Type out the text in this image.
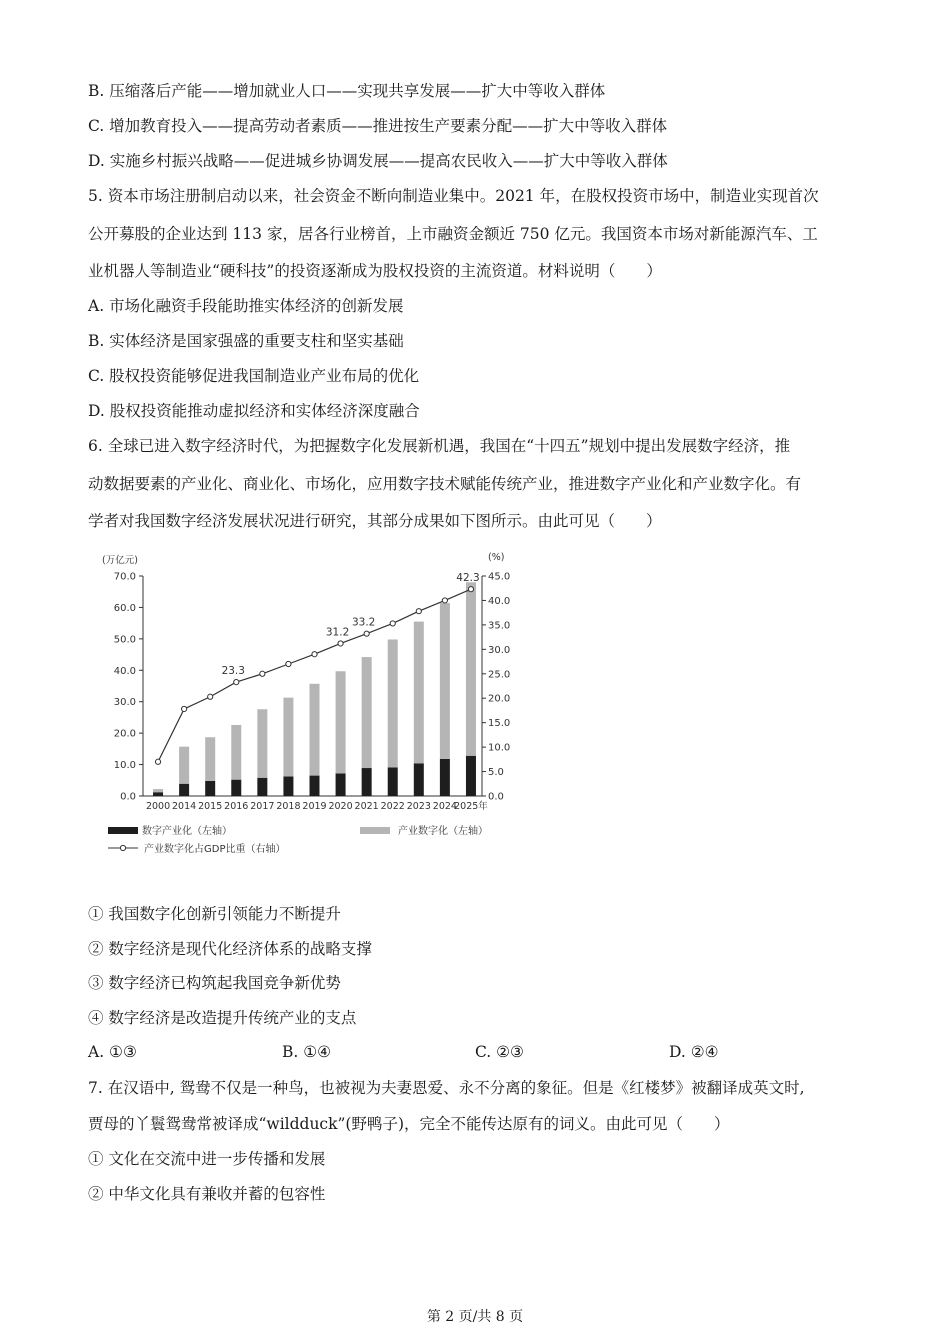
B. 压缩落后产能——增加就业人口——实现共享发展——扩大中等收入群体
C. 增加教育投入——提高劳动者素质——推进按生产要素分配——扩大中等收入群体
D. 实施乡村振兴战略——促进城乡协调发展——提高农民收入——扩大中等收入群体
5. 资本市场注册制启动以来，社会资金不断向制造业集中。2021 年，在股权投资市场中，制造业实现首次
公开募股的企业达到 113 家，居各行业榜首，上市融资金额近 750 亿元。我国资本市场对新能源汽车、工
业机器人等制造业“硬科技”的投资逐渐成为股权投资的主流资道。材料说明（　　）
A. 市场化融资手段能助推实体经济的创新发展
B. 实体经济是国家强盛的重要支柱和坚实基础
C. 股权投资能够促进我国制造业产业布局的优化
D. 股权投资能推动虚拟经济和实体经济深度融合
6. 全球已进入数字经济时代，为把握数字化发展新机遇，我国在“十四五”规划中提出发展数字经济，推
动数据要素的产业化、商业化、市场化，应用数字技术赋能传统产业，推进数字产业化和产业数字化。有
学者对我国数字经济发展状况进行研究，其部分成果如下图所示。由此可见（　　）
(万亿元)	(%)
0.0
10.0
20.0
30.0
40.0
50.0
60.0
70.0
0.0
5.0
10.0
15.0
20.0
25.0
30.0
35.0
40.0
45.0
23.3
31.2
33.2
42.3
2000 2014 2015 2016 2017 2018 2019 2020 2021 2022 2023 2024
2025年
数字产业化（左轴）	产业数字化（左轴）
产业数字化占GDP比重（右轴）
① 我国数字化创新引领能力不断提升
② 数字经济是现代化经济体系的战略支撑
③ 数字经济已构筑起我国竞争新优势
④ 数字经济是改造提升传统产业的支点
A. ①③	B. ①④	C. ②③	D. ②④
7. 在汉语中, 鸳鸯不仅是一种鸟，也被视为夫妻恩爱、永不分离的象征。但是《红楼梦》被翻译成英文时,
贾母的丫鬟鸳鸯常被译成“wildduck”(野鸭子)，完全不能传达原有的词义。由此可见（　　）
① 文化在交流中进一步传播和发展
② 中华文化具有兼收并蓄的包容性
第 2 页/共 8 页
